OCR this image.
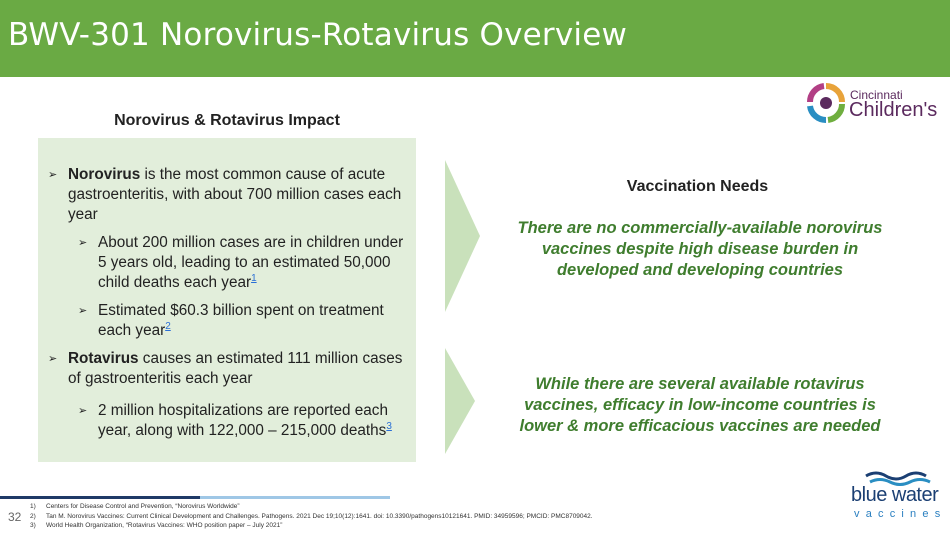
BWV-301 Norovirus-Rotavirus Overview
Cincinnati
Children's
Norovirus & Rotavirus Impact
➢ Norovirus is the most common cause of acute gastroenteritis, with about 700 million cases each year
➢ About 200 million cases are in children under 5 years old, leading to an estimated 50,000 child deaths each year$^1$
➢ Estimated $60.3 billion spent on treatment each year$^2$
➢ Rotavirus causes an estimated 111 million cases of gastroenteritis each year
➢ 2 million hospitalizations are reported each year, along with 122,000 – 215,000 deaths$^3$
Vaccination Needs
There are no commercially-available norovirus vaccines despite high disease burden in developed and developing countries
While there are several available rotavirus vaccines, efficacy in low-income countries is lower & more efficacious vaccines are needed
32
1) Centers for Disease Control and Prevention, “Norovirus Worldwide”
2) Tan M. Norovirus Vaccines: Current Clinical Development and Challenges. Pathogens. 2021 Dec 19;10(12):1641. doi: 10.3390/pathogens10121641. PMID: 34959596; PMCID: PMC8709042.
3) World Health Organization, “Rotavirus Vaccines: WHO position paper – July 2021”
blue water
vaccines
